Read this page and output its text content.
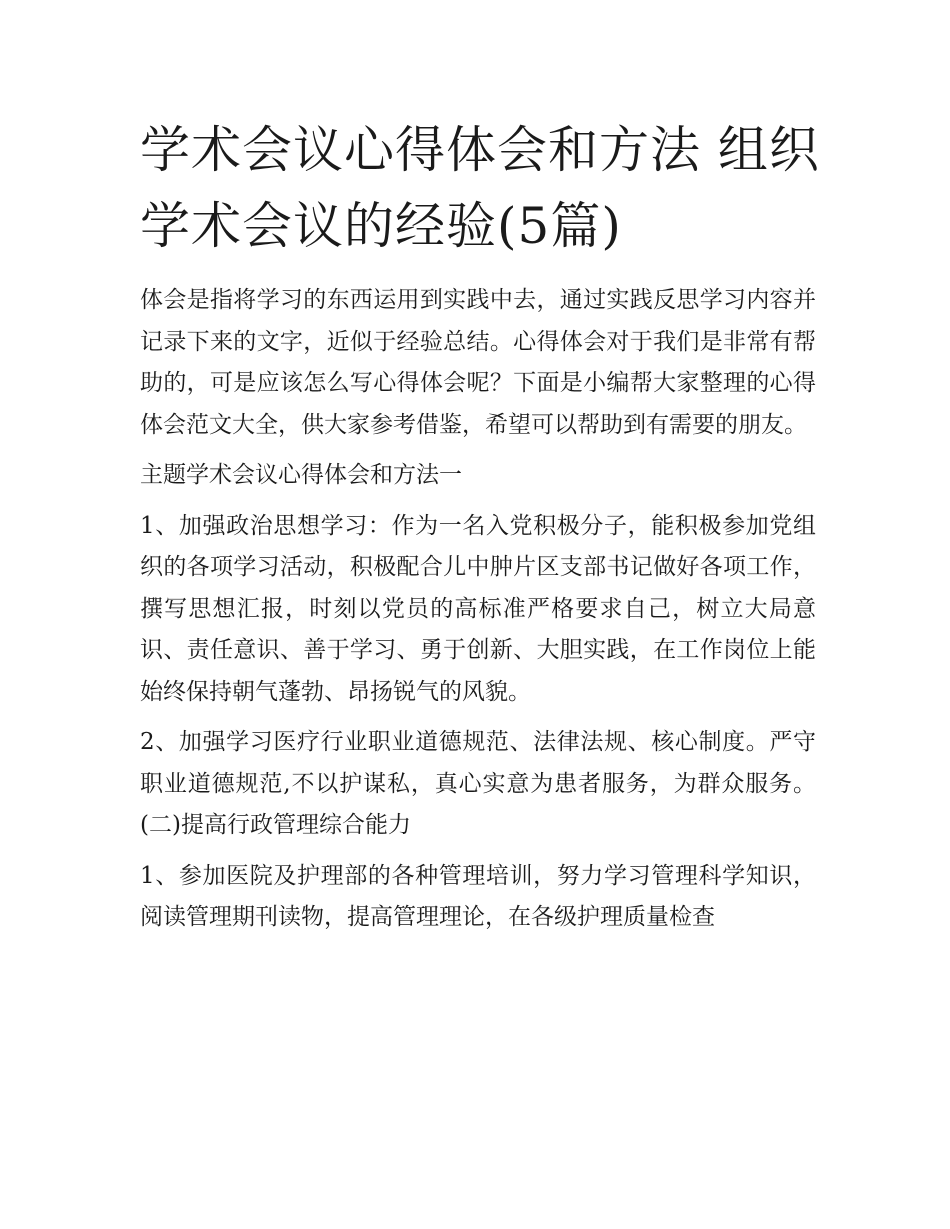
学术会议心得体会和方法 组织学术会议的经验(5篇)

体会是指将学习的东西运用到实践中去，通过实践反思学习内容并记录下来的文字，近似于经验总结。心得体会对于我们是非常有帮助的，可是应该怎么写心得体会呢？下面是小编帮大家整理的心得体会范文大全，供大家参考借鉴，希望可以帮助到有需要的朋友。

主题学术会议心得体会和方法一

1、加强政治思想学习：作为一名入党积极分子，能积极参加党组织的各项学习活动，积极配合儿中肿片区支部书记做好各项工作，撰写思想汇报，时刻以党员的高标准严格要求自己，树立大局意识、责任意识、善于学习、勇于创新、大胆实践，在工作岗位上能始终保持朝气蓬勃、昂扬锐气的风貌。

2、加强学习医疗行业职业道德规范、法律法规、核心制度。严守职业道德规范,不以护谋私，真心实意为患者服务，为群众服务。 (二)提高行政管理综合能力

1、参加医院及护理部的各种管理培训，努力学习管理科学知识，阅读管理期刊读物，提高管理理论，在各级护理质量检查
